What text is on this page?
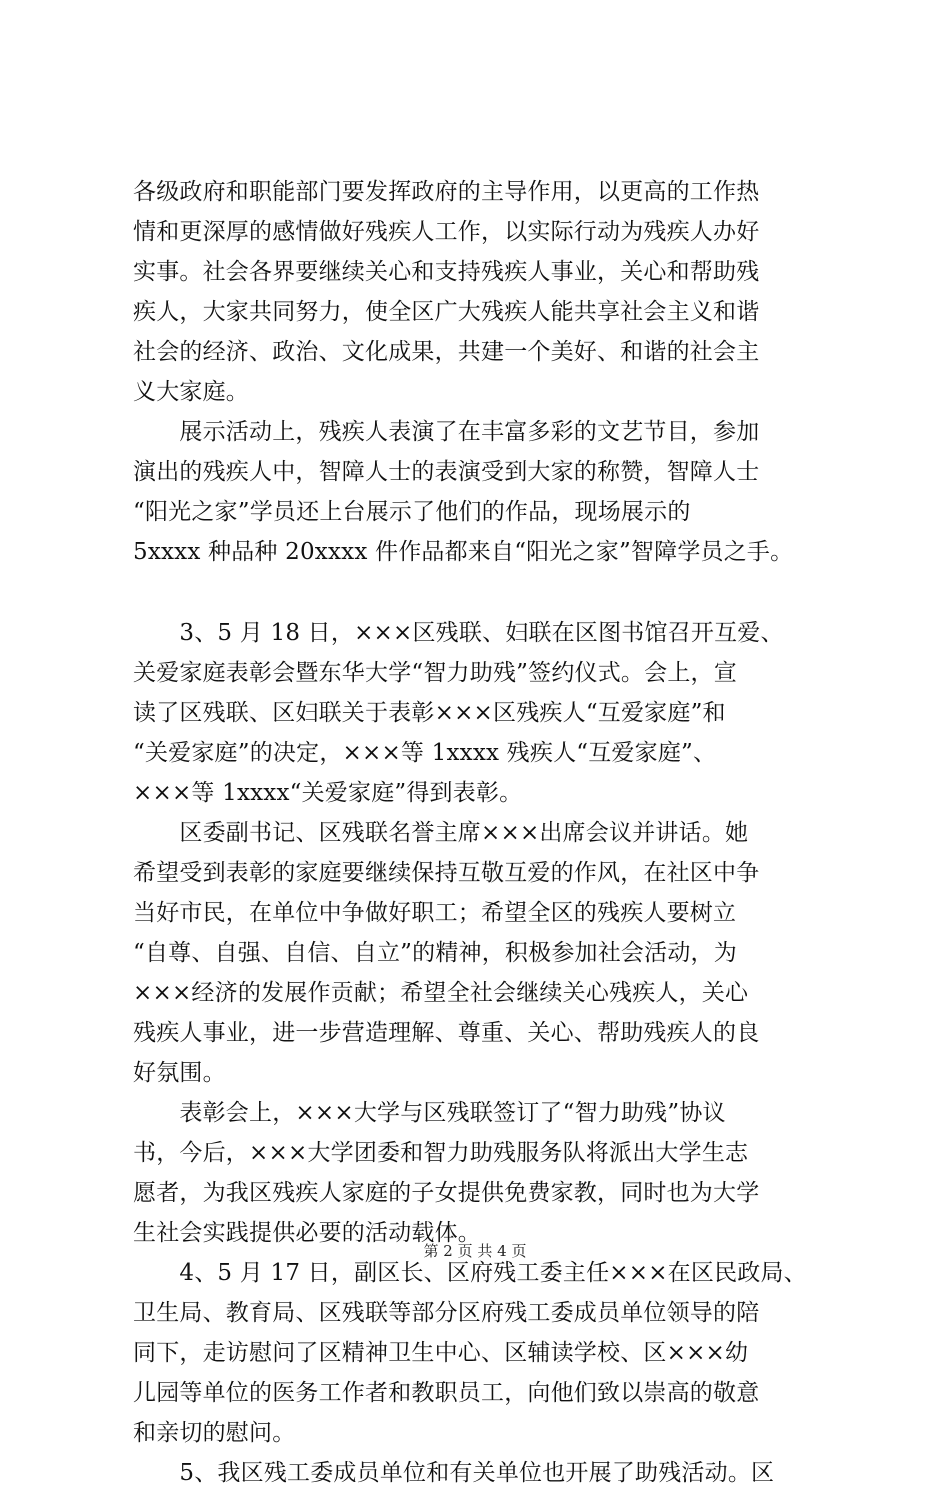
各级政府和职能部门要发挥政府的主导作用，以更高的工作热
情和更深厚的感情做好残疾人工作，以实际行动为残疾人办好
实事。社会各界要继续关心和支持残疾人事业，关心和帮助残
疾人，大家共同努力，使全区广大残疾人能共享社会主义和谐
社会的经济、政治、文化成果，共建一个美好、和谐的社会主
义大家庭。
　　展示活动上，残疾人表演了在丰富多彩的文艺节目，参加
演出的残疾人中，智障人士的表演受到大家的称赞，智障人士
“阳光之家”学员还上台展示了他们的作品，现场展示的
5xxxx 种品种 20xxxx 件作品都来自“阳光之家”智障学员之手。
　　3、5 月 18 日，×××区残联、妇联在区图书馆召开互爱、
关爱家庭表彰会暨东华大学“智力助残”签约仪式。会上，宣
读了区残联、区妇联关于表彰×××区残疾人“互爱家庭”和
“关爱家庭”的决定，×××等 1xxxx 残疾人“互爱家庭”、
×××等 1xxxx“关爱家庭”得到表彰。
　　区委副书记、区残联名誉主席×××出席会议并讲话。她
希望受到表彰的家庭要继续保持互敬互爱的作风，在社区中争
当好市民，在单位中争做好职工；希望全区的残疾人要树立
“自尊、自强、自信、自立”的精神，积极参加社会活动，为
×××经济的发展作贡献；希望全社会继续关心残疾人，关心
残疾人事业，进一步营造理解、尊重、关心、帮助残疾人的良
好氛围。
　　表彰会上，×××大学与区残联签订了“智力助残”协议
书，今后，×××大学团委和智力助残服务队将派出大学生志
愿者，为我区残疾人家庭的子女提供免费家教，同时也为大学
生社会实践提供必要的活动载体。
　　4、5 月 17 日，副区长、区府残工委主任×××在区民政局、
卫生局、教育局、区残联等部分区府残工委成员单位领导的陪
同下，走访慰问了区精神卫生中心、区辅读学校、区×××幼
儿园等单位的医务工作者和教职员工，向他们致以崇高的敬意
和亲切的慰问。
　　5、我区残工委成员单位和有关单位也开展了助残活动。区
第 2 页 共 4 页
